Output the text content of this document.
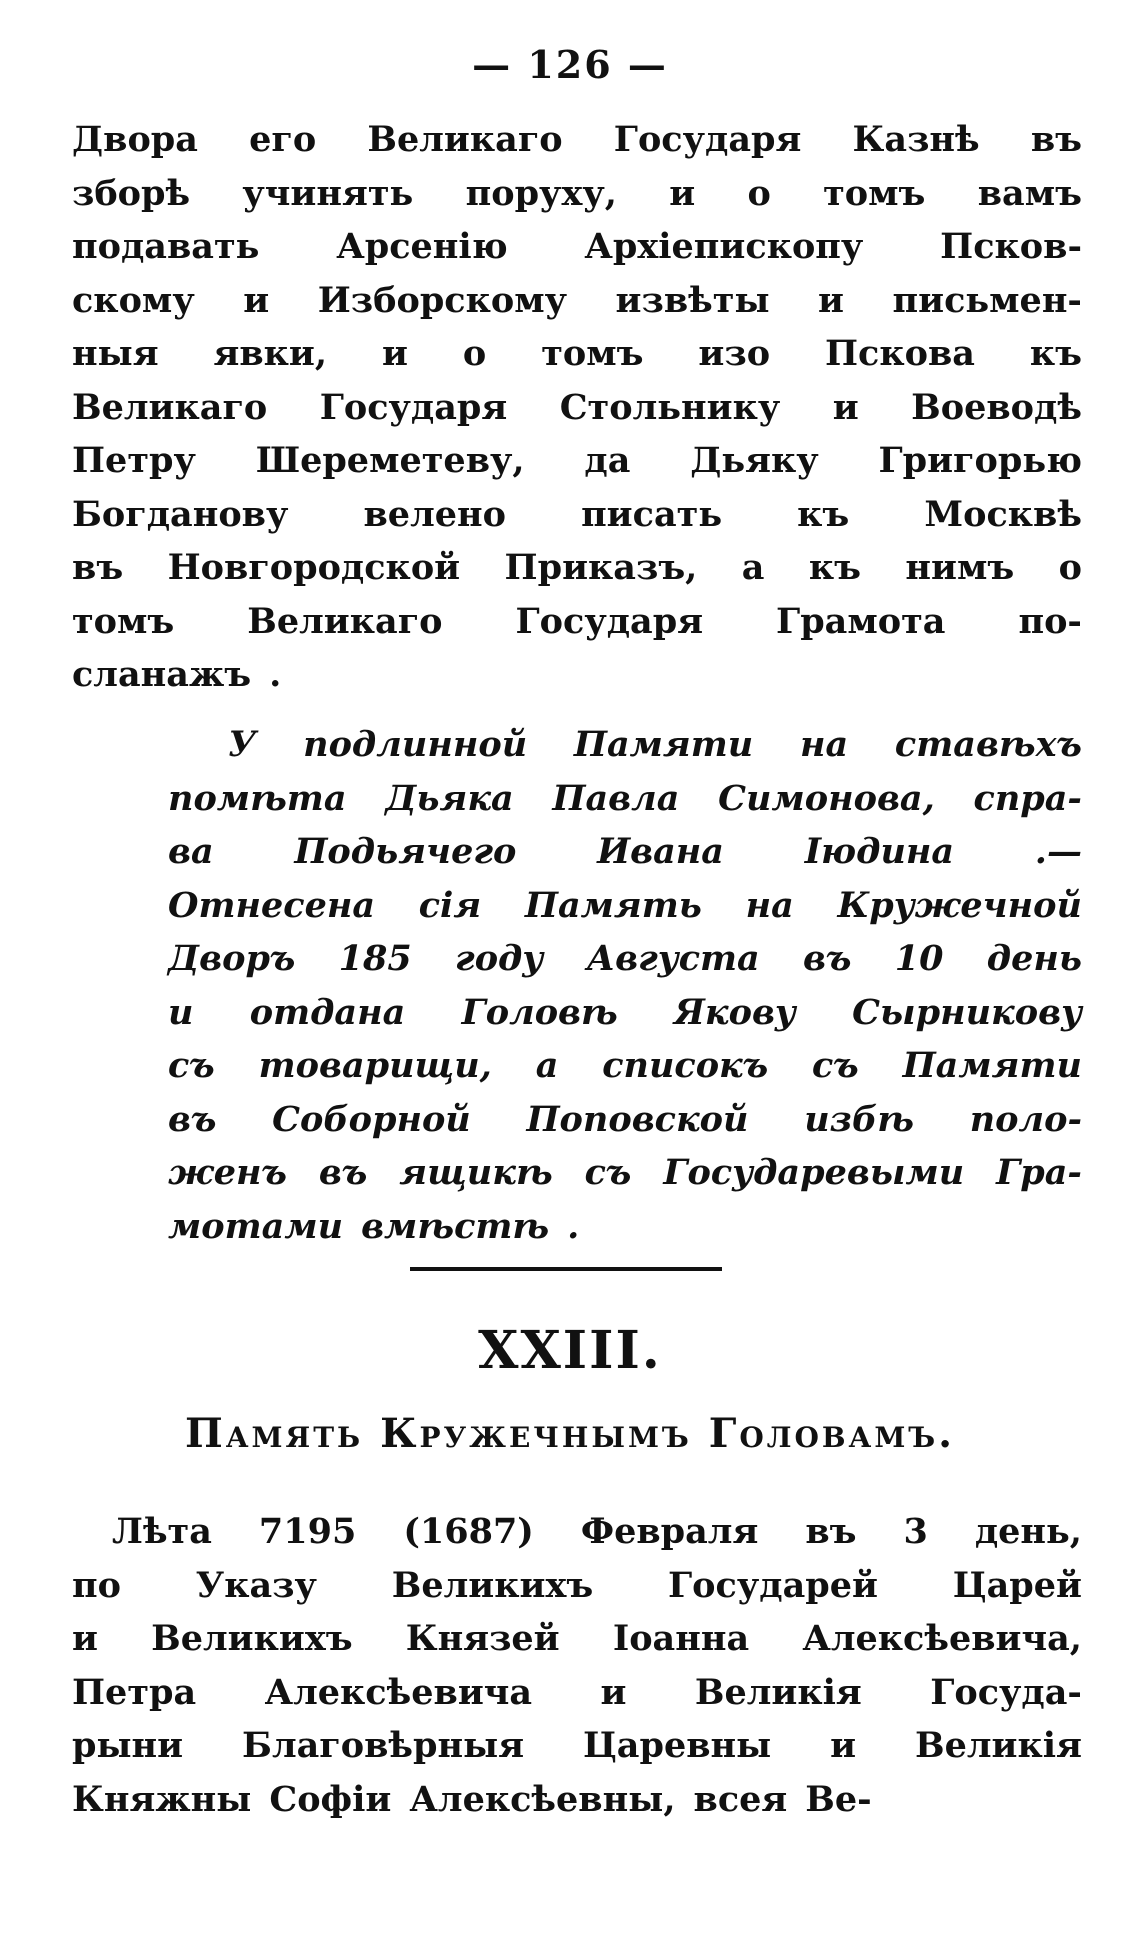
— 126 —
Двора его Великаго Государя Казнѣ въ
зборѣ учинять поруху, и о томъ вамъ
подавать Арсенію Архіепископу Псков-
скому и Изборскому извѣты и письмен-
ныя явки, и о томъ изо Пскова къ
Великаго Государя Стольнику и Воеводѣ
Петру Шереметеву, да Дьяку Григорью
Богданову велено писать къ Москвѣ
въ Новгородской Приказъ, а къ нимъ о
томъ Великаго Государя Грамота по-
сланажъ .
У подлинной Памяти на ставѣхъ
помѣта Дьяка Павла Симонова, спра-
ва Подьячего Ивана Іюдина .—
Отнесена сія Память на Кружечной
Дворъ 185 году Августа въ 10 день
и отдана Головѣ Якову Сырникову
съ товарищи, а списокъ съ Памяти
въ Соборной Поповской избѣ поло-
женъ въ ящикѣ съ Государевыми Гра-
мотами вмѣстѣ .
XXIII.
Память Кружечнымъ Головамъ.
Лѣта 7195 (1687) Февраля въ 3 день,
по Указу Великихъ Государей Царей
и Великихъ Князей Іоанна Алексѣевича,
Петра Алексѣевича и Великія Госуда-
рыни Благовѣрныя Царевны и Великія
Княжны Софіи Алексѣевны, всея Ве-
